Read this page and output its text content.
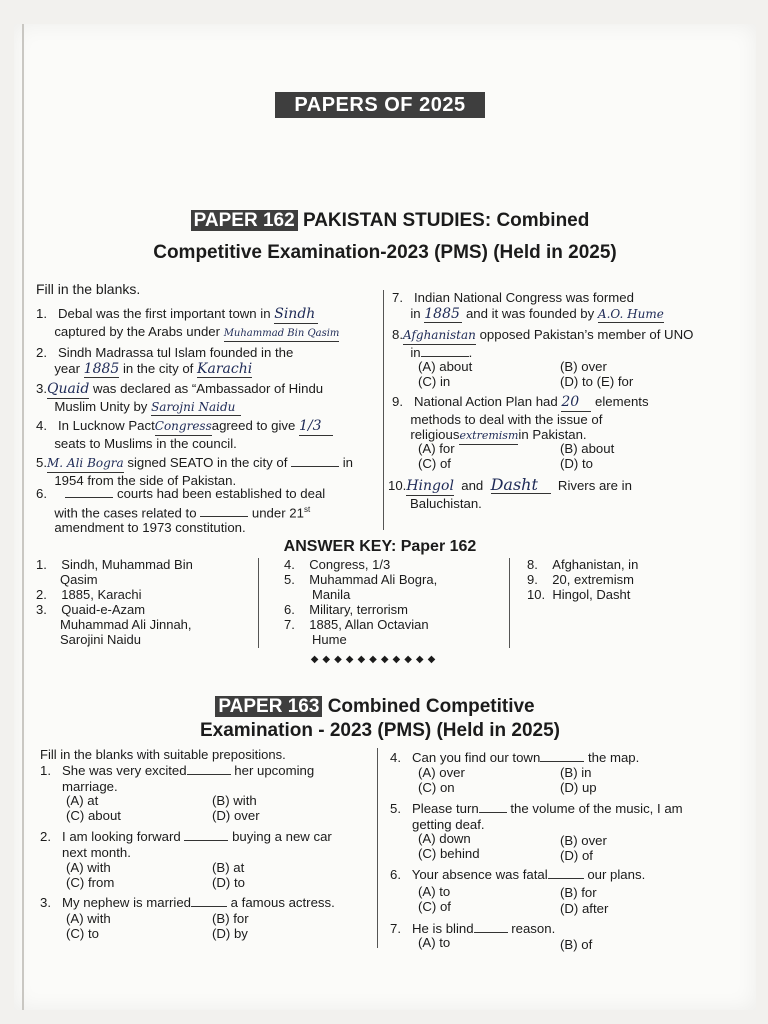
PAPERS OF 2025
PAPER 162 PAKISTAN STUDIES: Combined
Competitive Examination-2023 (PMS) (Held in 2025)
Fill in the blanks.
1. Debal was the first important town in Sindh
captured by the Arabs under Muhammad Bin Qasim
2. Sindh Madrassa tul Islam founded in the
year 1885 in the city of Karachi
3.Quaid was declared as “Ambassador of Hindu
Muslim Unity by Sarojni Naidu
4. In Lucknow PactCongressagreed to give 1/3
seats to Muslims in the council.
5.M. Ali Bogra signed SEATO in the city of	in
1954 from the side of Pakistan.
6.	courts had been established to deal
with the cases related to	under 21st
amendment to 1973 constitution.
7. Indian National Congress was formed
in 1885 and it was founded by A.O. Hume
8.Afghanistan opposed Pakistan’s member of UNO
in	.
(A) about	(B) over
(C) in	(D) to (E) for
9. National Action Plan had 20 elements
methods to deal with the issue of
religiousextremismin Pakistan.
(A) for	(B) about
(C) of	(D) to
10.Hingol and Dasht Rivers are in
Baluchistan.
ANSWER KEY: Paper 162
1. Sindh, Muhammad Bin
Qasim
2. 1885, Karachi
3. Quaid-e-Azam
Muhammad Ali Jinnah,
Sarojini Naidu
4. Congress, 1/3
5. Muhammad Ali Bogra,
Manila
6. Military, terrorism
7. 1885, Allan Octavian
Hume
8. Afghanistan, in
9. 20, extremism
10. Hingol, Dasht
◆◆◆◆◆◆◆◆◆◆◆
PAPER 163 Combined Competitive
Examination - 2023 (PMS) (Held in 2025)
Fill in the blanks with suitable prepositions.
1. She was very excited	her upcoming
marriage.
(A) at	(B) with
(C) about	(D) over
2. I am looking forward	buying a new car
next month.
(A) with	(B) at
(C) from	(D) to
3. My nephew is married	a famous actress.
(A) with	(B) for
(C) to	(D) by
4. Can you find our town	the map.
(A) over	(B) in
(C) on	(D) up
5. Please turn the volume of the music, I am
getting deaf.
(A) down	(B) over
(C) behind	(D) of
6. Your absence was fatal	our plans.
(A) to	(B) for
(C) of	(D) after
7. He is blind	reason.
(A) to	(B) of
